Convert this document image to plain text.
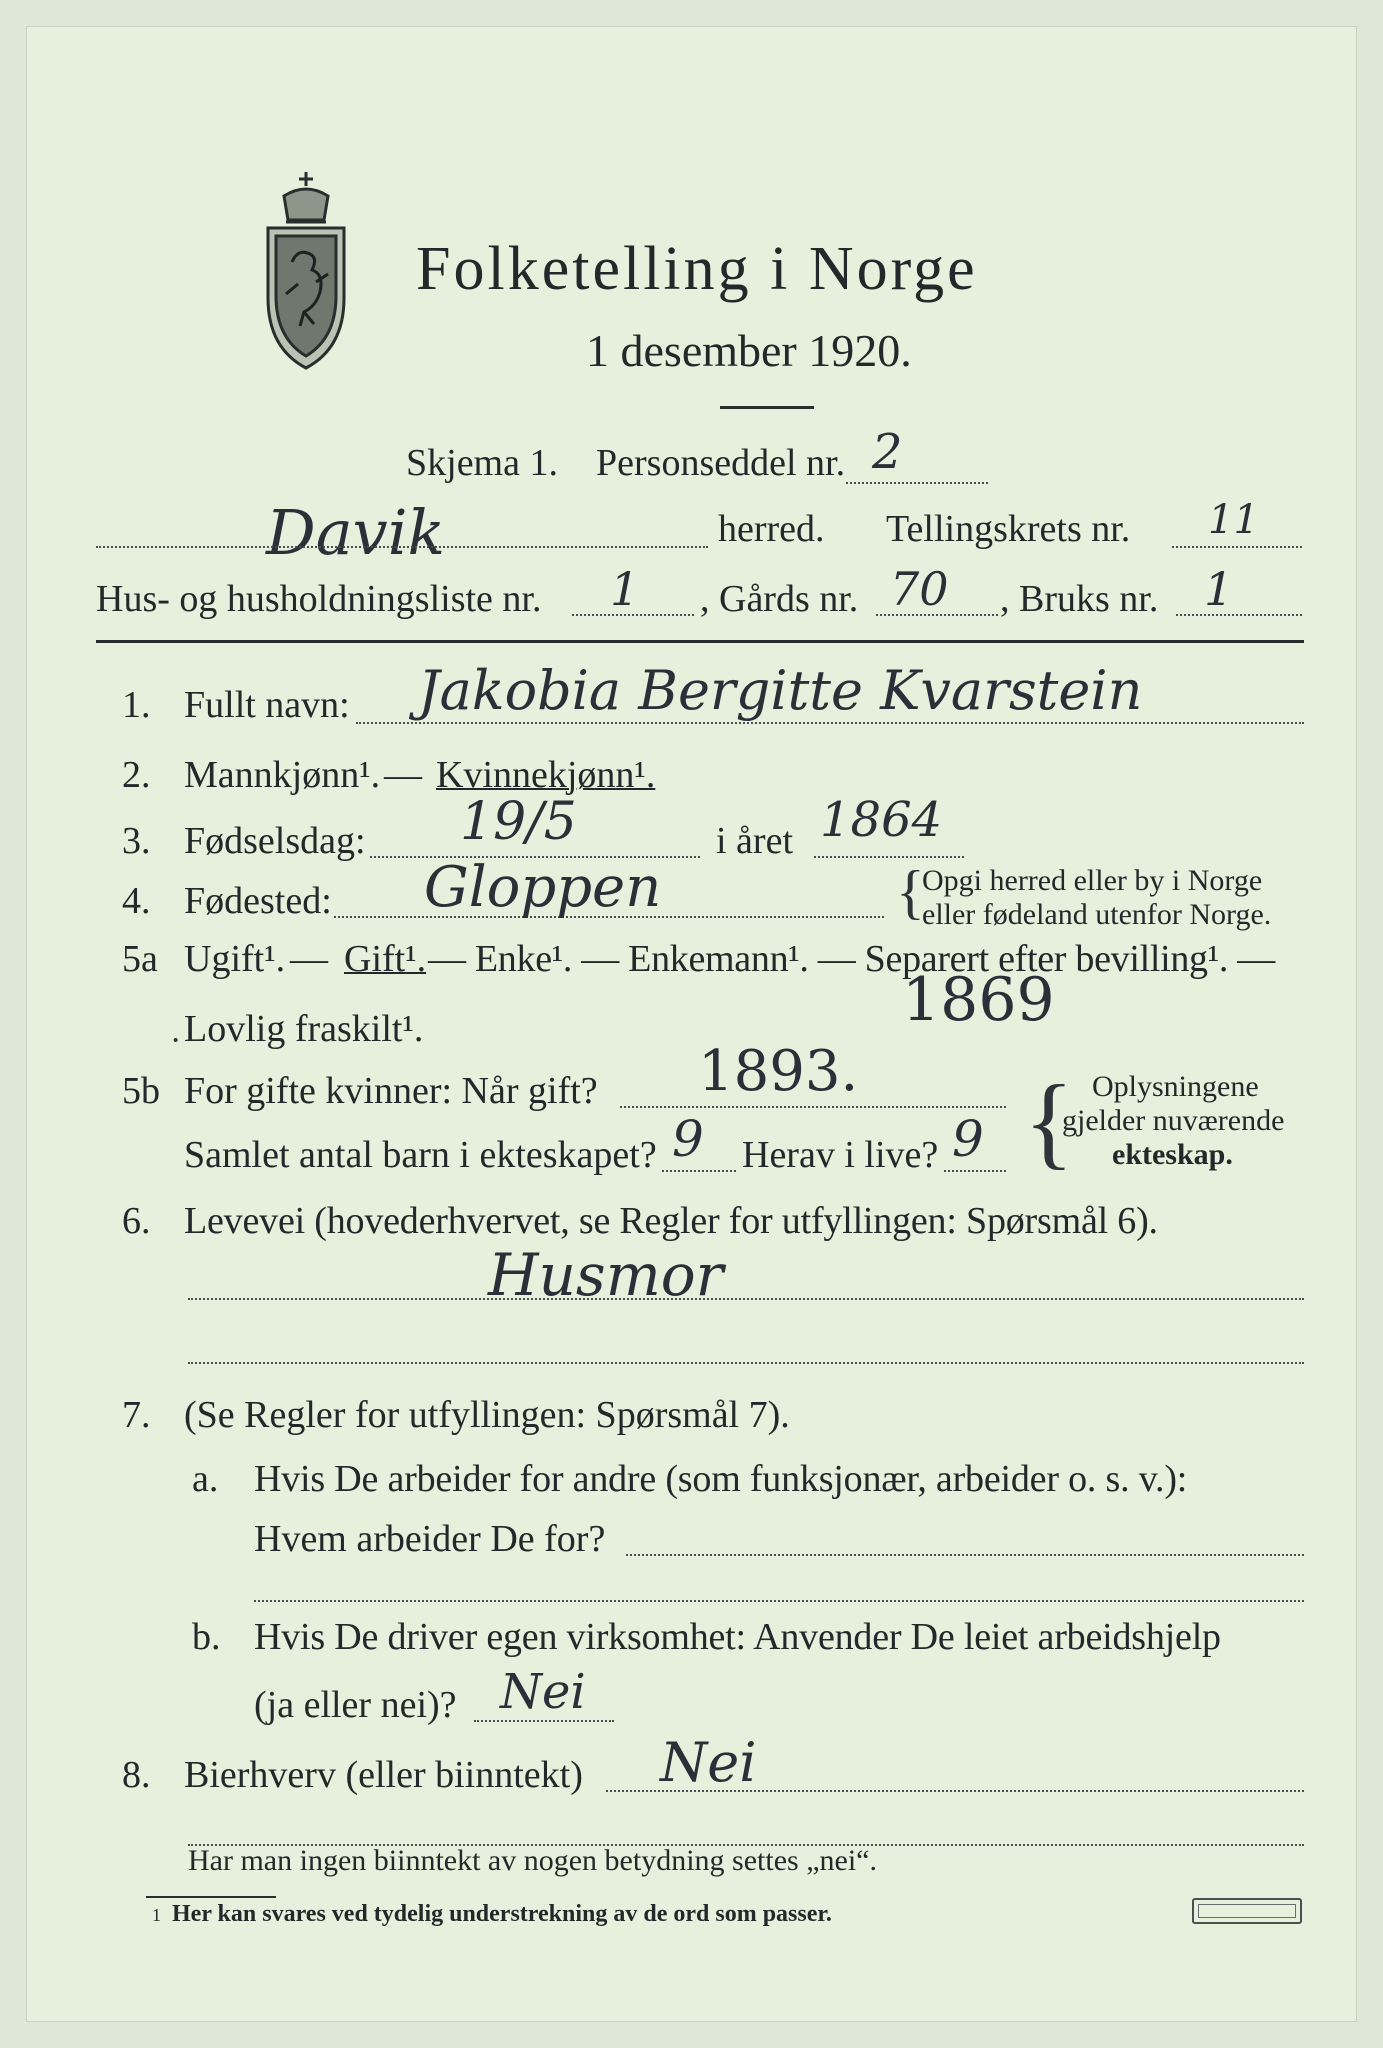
Folketelling i Norge
1 desember 1920.
Skjema 1. Personseddel nr. 2
Davik	herred. Tellingskrets nr. 11
Hus- og husholdningsliste nr. 1 , Gårds nr. 70 , Bruks nr. 1
1. Fullt navn: Jakobia Bergitte Kvarstein
2. Mannkjønn¹. — Kvinnekjønn¹.
3. Fødselsdag: 19/5	i året 1864
4. Fødested: Gloppen	{
Opgi herred eller by i Norge
eller fødeland utenfor Norge.
5a Ugift¹. — Gift¹. — Enke¹. — Enkemann¹. — Separert efter bevilling¹. —
Lovlig fraskilt¹.
·
1869
5b For gifte kvinner: Når gift? 1893.
Samlet antal barn i ekteskapet? 9 Herav i live? 9 { Oplysningene
gjelder nuværende
ekteskap.
6. Levevei (hovederhvervet, se Regler for utfyllingen: Spørsmål 6).
Husmor
7. (Se Regler for utfyllingen: Spørsmål 7).
a. Hvis De arbeider for andre (som funksjonær, arbeider o. s. v.):
Hvem arbeider De for?
b. Hvis De driver egen virksomhet: Anvender De leiet arbeidshjelp
(ja eller nei)? Nei
8. Bierhverv (eller biinntekt) Nei
Har man ingen biinntekt av nogen betydning settes „nei“.
1 Her kan svares ved tydelig understrekning av de ord som passer.
